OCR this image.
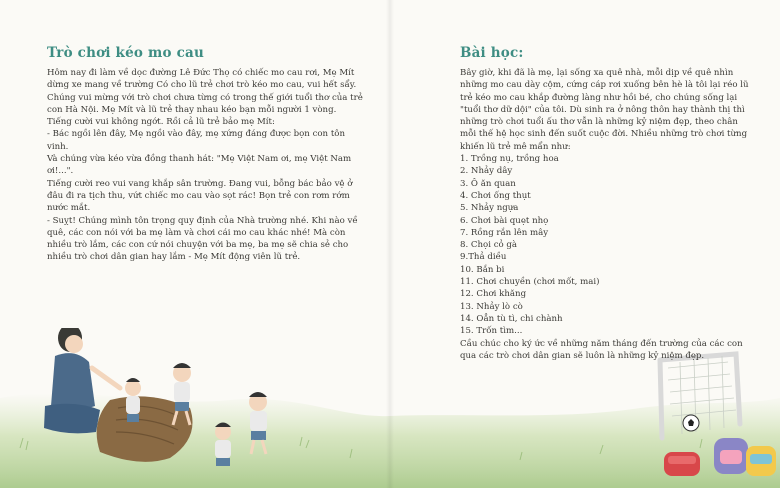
Trò chơi kéo mo cau

Hôm nay đi làm về dọc đường Lê Đức Thọ có chiếc mo cau rơi, Mẹ Mít dừng xe mang về trường Có cho lũ trẻ chơi trò kéo mo cau, vui hết sẩy. Chúng vui mừng với trò chơi chưa từng có trong thế giới tuổi thơ của trẻ con Hà Nội. Mẹ Mít và lũ trẻ thay nhau kéo bạn mỗi người 1 vòng. Tiếng cười vui không ngớt. Rồi cả lũ trẻ bảo mẹ Mít:

- Bác ngồi lên đây, Mẹ ngồi vào đây, mẹ xứng đáng được bọn con tôn vinh.

Và chúng vừa kéo vừa đồng thanh hát: "Mẹ Việt Nam ơi, mẹ Việt Nam ơi!...".

Tiếng cười reo vui vang khắp sân trường. Đang vui, bỗng bác bảo vệ ở đâu đi ra tịch thu, vứt chiếc mo cau vào sọt rác! Bọn trẻ con rơm rớm nước mắt.

- Suỵt! Chúng mình tôn trọng quy định của Nhà trường nhé. Khi nào về quê, các con nói với ba mẹ làm và chơi cái mo cau khác nhé! Mà còn nhiều trò lắm, các con cứ nói chuyện với ba mẹ, ba mẹ sẽ chia sẻ cho nhiều trò chơi dân gian hay lắm - Mẹ Mít động viên lũ trẻ.

Bài học:

Bây giờ, khi đã là mẹ, lại sống xa quê nhà, mỗi dịp về quê nhìn những mo cau dày cộm, cứng cáp rơi xuống bên hè là tôi lại réo lũ trẻ kéo mo cau khắp đường làng như hồi bé, cho chúng sống lại "tuổi thơ dữ dội" của tôi. Dù sinh ra ở nông thôn hay thành thị thì những trò chơi tuổi ấu thơ vẫn là những kỷ niệm đẹp, theo chân mỗi thế hệ học sinh đến suốt cuộc đời. Nhiều những trò chơi từng khiến lũ trẻ mê mẩn như:

1. Trồng nụ, trồng hoa
2. Nhảy dây
3. Ô ăn quan
4. Chơi ống thụt
5. Nhảy ngựa
6. Chơi bài quẹt nhọ
7. Rồng rắn lên mây
8. Chọi cỏ gà
9.Thả diều
10. Bắn bi
11. Chơi chuyền (chơi mốt, mai)
12. Chơi khăng
13. Nhảy lò cò
14. Oẳn tù tì, chi chành
15. Trốn tìm...

Cầu chúc cho ký ức về những năm tháng đến trường của các con qua các trò chơi dân gian sẽ luôn là những kỷ niệm đẹp.
